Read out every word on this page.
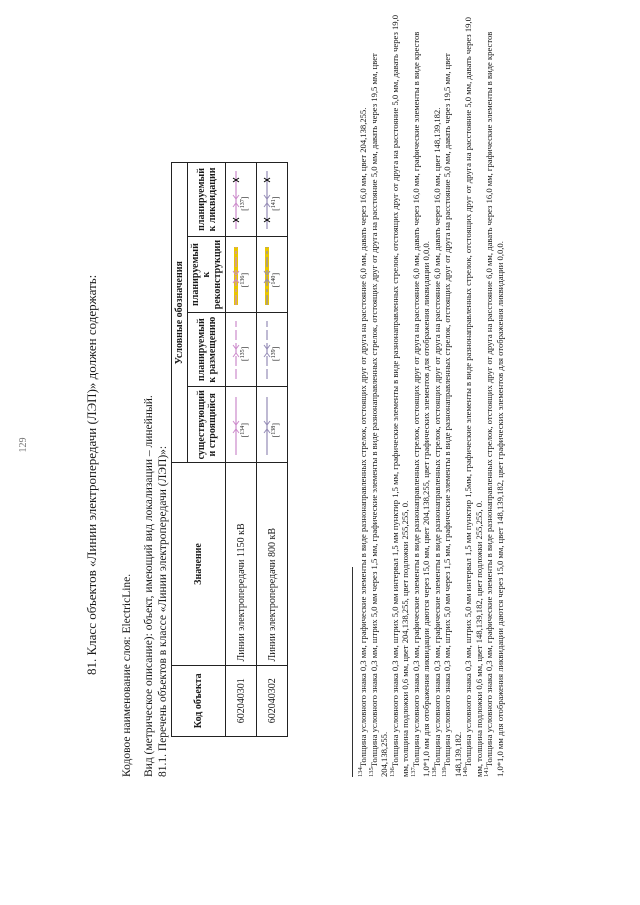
129	81. Класс объектов «Линии электропередачи (ЛЭП)» должен содержать:
Кодовое наименование слоя: ElectricLine. Вид (метрическое описание): объект, имеющий вид локализации – линейный. 81.1. Перечень объектов в классе «Линии электропередачи (ЛЭП)»: Код объекта	Значение	Условные обозначения			
		существующий и строящийся	планируемый к размещению	планируемый к реконструкции	планируемый к ликвидации
602040301	Линии электропередачи 1150 кВ	[$^{134}$]	[$^{135}$]	[$^{136}$]	[$^{137}$]

602040302	Линии электропередачи 800 кВ	[$^{138}$]	[$^{139}$]	[$^{140}$]	[$^{141}$]

$^{134}$Толщина условного знака 0,3 мм, графические элементы в виде разнонаправленных стрелок, отстоящих друг от друга на расстояние 6,0 мм, давать через 16,0 мм, цвет 204,138,255.

$^{135}$Толщина условного знака 0,3 мм, штрих 5,0 мм через 1,5 мм, графические элементы в виде разнонаправленных стрелок, отстоящих друг от друга на расстояние 5,0 мм, давать через 19,5 мм, цвет 204,138,255. $^{136}$Толщина условного знака 0,3 мм, штрих 5,0 мм интервал 1,5 мм пунктир 1,5 мм, графические элементы в виде разнонаправленных стрелок, отстоящих друг от друга на расстояние 5,0 мм, давать через 19,0 мм, толщина подложки 0,6 мм, цвет 204,138,255, цвет подложки 255,255, 0. $^{137}$Толщина условного знака 0,3 мм, графические элементы в виде разнонаправленных стрелок, отстоящих друг от друга на расстояние 6,0 мм, давать через 16,0 мм, графические элементы в виде крестов 1,0*1,0 мм для отображения ликвидации даются через 15,0 мм, цвет 204,138,255, цвет графических элементов для отображения ликвидации 0,0,0. $^{138}$Толщина условного знака 0,3 мм, графические элементы в виде разнонаправленных стрелок, отстоящих друг от друга на расстояние 6,0 мм, давать через 16,0 мм, цвет 148,139,182.

$^{139}$Толщина условного знака 0,3 мм, штрих 5,0 мм через 1,5 мм, графические элементы в виде разнонаправленных стрелок, отстоящих друг от друга на расстояние 5,0 мм, давать через 19,5 мм, цвет 148,139,182. $^{140}$Толщина условного знака 0,3 мм, штрих 5,0 мм интервал 1,5 мм пунктир 1,5мм, графические элементы в виде разнонаправленных стрелок, отстоящих друг от друга на расстояние 5,0 мм, давать через 19,0 мм, толщина подложки 0,6 мм, цвет 148,139,182, цвет подложки 255,255, 0. $^{141}$Толщина условного знака 0,3 мм, графические элементы в виде разнонаправленных стрелок, отстоящих друг от друга на расстояние 6,0 мм, давать через 16,0 мм, графические элементы в виде крестов 1,0*1,0 мм для отображения ликвидации даются через 15,0 мм, цвет 148,139,182, цвет графических элементов для отображения ликвидации 0,0,0.
